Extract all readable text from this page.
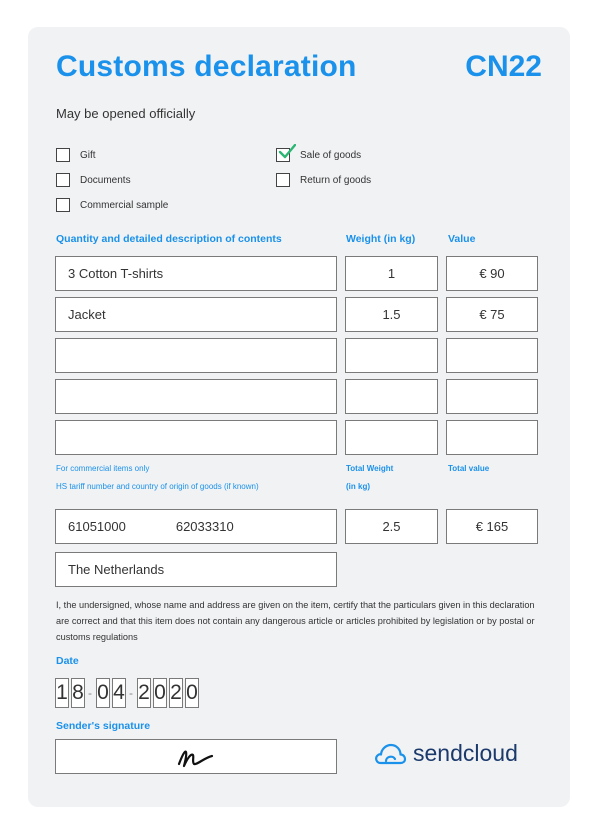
Customs declaration	CN22
May be opened officially
Gift
Documents
Commercial sample
Sale of goods
Return of goods
Quantity and detailed description of contents	Weight (in kg)	Value
3 Cotton T-shirts	1	€ 90
Jacket	1.5	€ 75
For commercial items only
HS tariff number and country of origin of goods (if known)
Total Weight
(in kg)
Total value
61051000	62033310	2.5	€ 165
The Netherlands
I, the undersigned, whose name and address are given on the item, certify that the particulars given in this declaration are correct and that this item does not contain any dangerous article or articles prohibited by legislation or by postal or customs regulations
Date
1 8 - 0 4 - 2 0 2 0
Sender's signature
sendcloud
